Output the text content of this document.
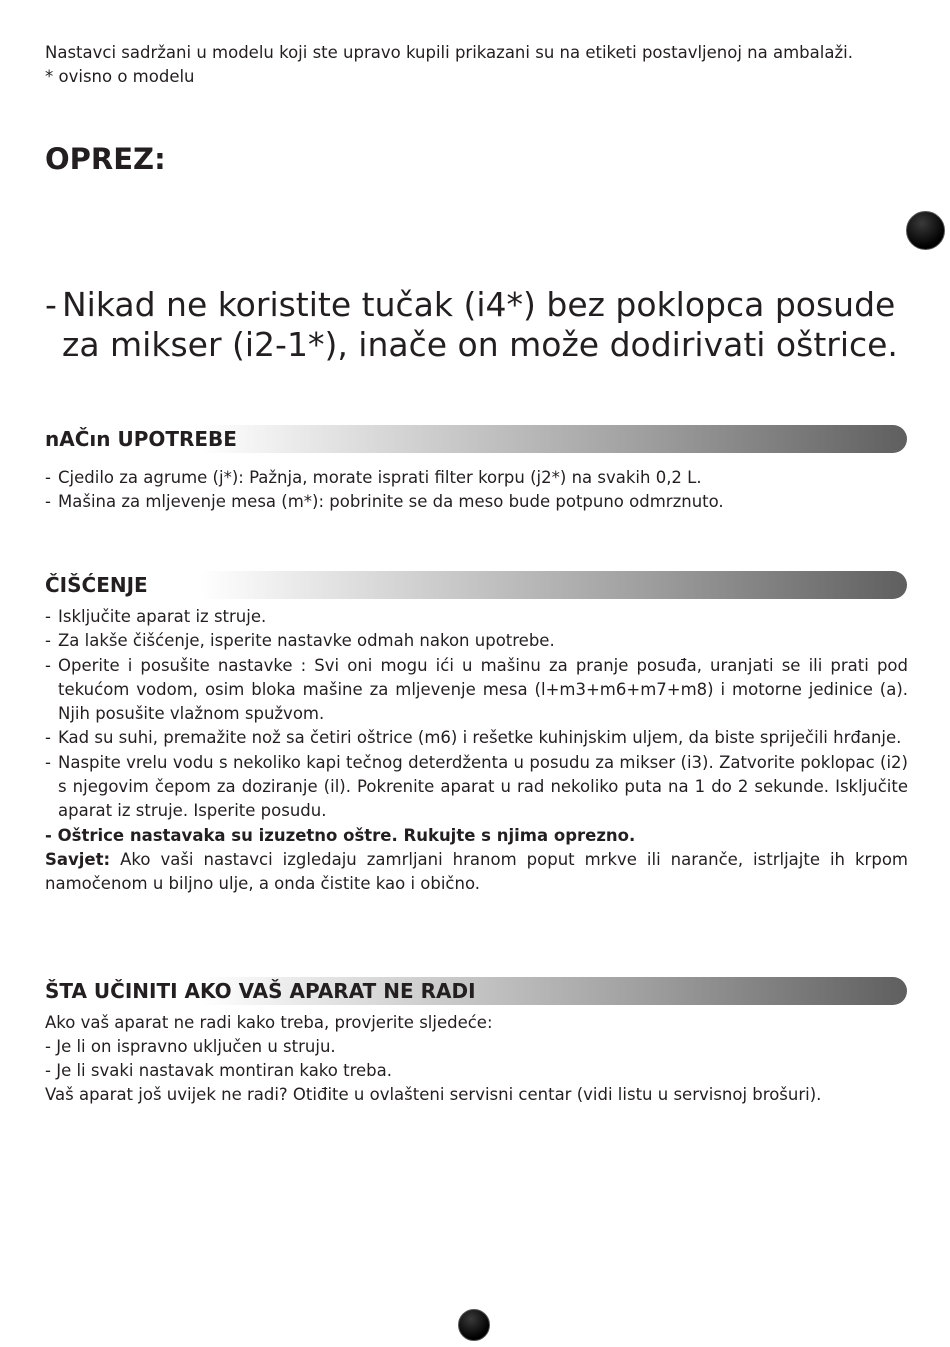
Nastavci sadržani u modelu koji ste upravo kupili prikazani su na etiketi postavljenoj na ambalaži.

* ovisno o modelu

OPREZ:
- Nikad ne koristite tučak (i4*) bez poklopca posude za mikser (i2-1*), inače on može dodirivati oštrice.
nAČın UPOTREBE
- Cjedilo za agrume (j*): Pažnja, morate isprati filter korpu (j2*) na svakih 0,2 L.
- Mašina za mljevenje mesa (m*): pobrinite se da meso bude potpuno odmrznuto.
ČIŠĆENJE
- Isključite aparat iz struje.
- Za lakše čišćenje, isperite nastavke odmah nakon upotrebe.
- Operite i posušite nastavke : Svi oni mogu ići u mašinu za pranje posuđa, uranjati se ili prati pod tekućom vodom, osim bloka mašine za mljevenje mesa (l+m3+m6+m7+m8) i motorne jedinice (a). Njih posušite vlažnom spužvom.
- Kad su suhi, premažite nož sa četiri oštrice (m6) i rešetke kuhinjskim uljem, da biste spriječili hrđanje.
- Naspite vrelu vodu s nekoliko kapi tečnog deterdženta u posudu za mikser (i3). Zatvorite poklopac (i2) s njegovim čepom za doziranje (il). Pokrenite aparat u rad nekoliko puta na 1 do 2 sekunde. Isključite aparat iz struje. Isperite posudu.

- Oštrice nastavaka su izuzetno oštre. Rukujte s njima oprezno.

Savjet: Ako vaši nastavci izgledaju zamrljani hranom poput mrkve ili narančе, istrljajte ih krpom namočenom u biljno ulje, a onda čistite kao i obično.

ŠTA UČINITI AKO VAŠ APARAT NE RADI

Ako vaš aparat ne radi kako treba, provjerite sljedeće:

- Je li on ispravno uključen u struju.

- Je li svaki nastavak montiran kako treba.

Vaš aparat još uvijek ne radi? Otiđite u ovlašteni servisni centar (vidi listu u servisnoj brošuri).
